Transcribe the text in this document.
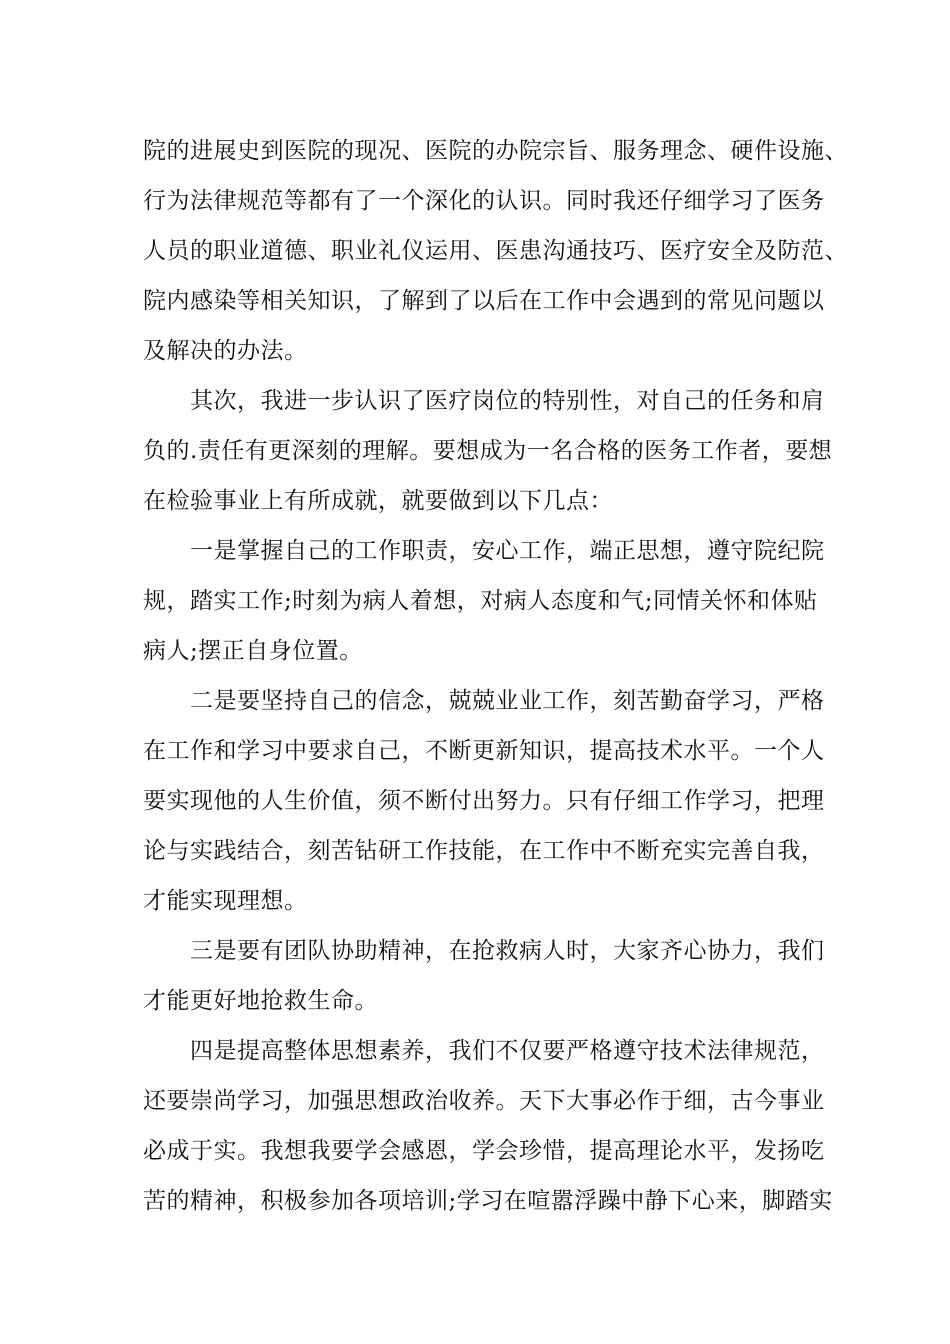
院的进展史到医院的现况、医院的办院宗旨、服务理念、硬件设施、
行为法律规范等都有了一个深化的认识。同时我还仔细学习了医务
人员的职业道德、职业礼仪运用、医患沟通技巧、医疗安全及防范、
院内感染等相关知识，了解到了以后在工作中会遇到的常见问题以
及解决的办法。
其次，我进一步认识了医疗岗位的特别性，对自己的任务和肩
负的.责任有更深刻的理解。要想成为一名合格的医务工作者，要想
在检验事业上有所成就，就要做到以下几点：
一是掌握自己的工作职责，安心工作，端正思想，遵守院纪院
规，踏实工作;时刻为病人着想，对病人态度和气;同情关怀和体贴
病人;摆正自身位置。
二是要坚持自己的信念，兢兢业业工作，刻苦勤奋学习，严格
在工作和学习中要求自己，不断更新知识，提高技术水平。一个人
要实现他的人生价值，须不断付出努力。只有仔细工作学习，把理
论与实践结合，刻苦钻研工作技能，在工作中不断充实完善自我，
才能实现理想。
三是要有团队协助精神，在抢救病人时，大家齐心协力，我们
才能更好地抢救生命。
四是提高整体思想素养，我们不仅要严格遵守技术法律规范，
还要崇尚学习，加强思想政治收养。天下大事必作于细，古今事业
必成于实。我想我要学会感恩，学会珍惜，提高理论水平，发扬吃
苦的精神，积极参加各项培训;学习在喧嚣浮躁中静下心来，脚踏实
